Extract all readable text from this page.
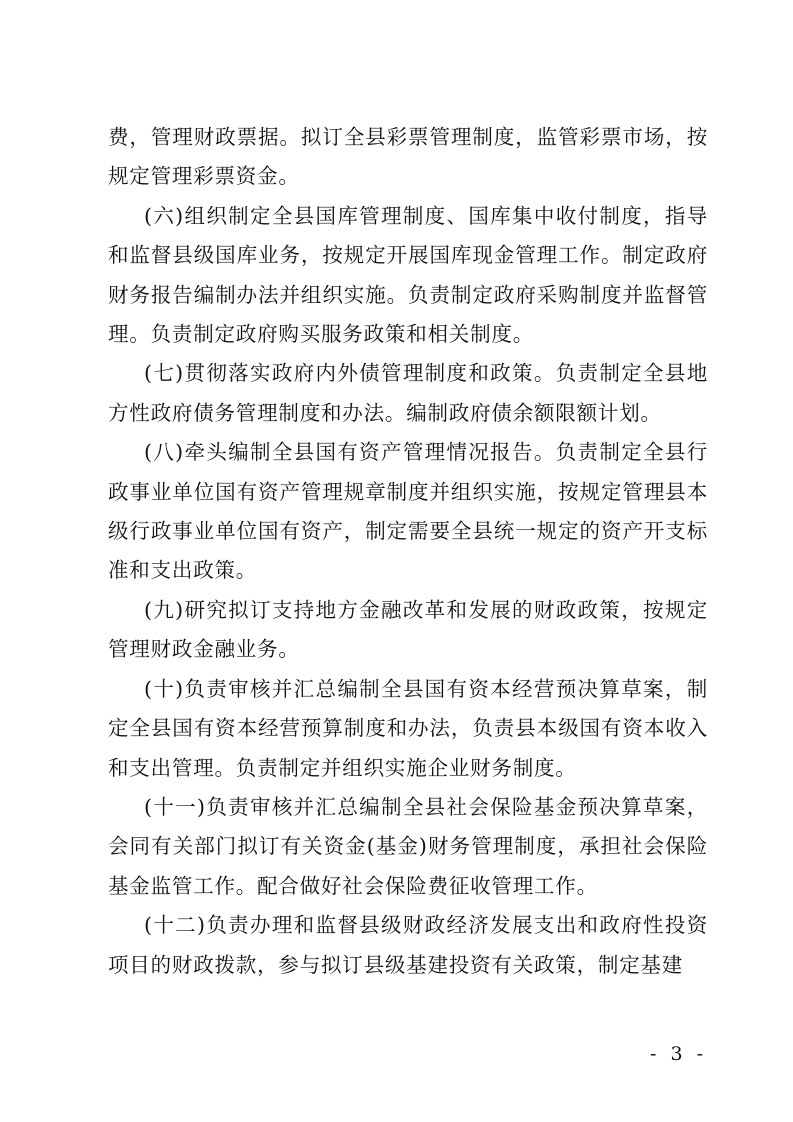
费，管理财政票据。拟订全县彩票管理制度，监管彩票市场，按规定管理彩票资金。

(六)组织制定全县国库管理制度、国库集中收付制度，指导和监督县级国库业务，按规定开展国库现金管理工作。制定政府财务报告编制办法并组织实施。负责制定政府采购制度并监督管理。负责制定政府购买服务政策和相关制度。

(七)贯彻落实政府内外债管理制度和政策。负责制定全县地方性政府债务管理制度和办法。编制政府债余额限额计划。

(八)牵头编制全县国有资产管理情况报告。负责制定全县行政事业单位国有资产管理规章制度并组织实施，按规定管理县本级行政事业单位国有资产，制定需要全县统一规定的资产开支标准和支出政策。

(九)研究拟订支持地方金融改革和发展的财政政策，按规定管理财政金融业务。

(十)负责审核并汇总编制全县国有资本经营预决算草案，制定全县国有资本经营预算制度和办法，负责县本级国有资本收入和支出管理。负责制定并组织实施企业财务制度。

(十一)负责审核并汇总编制全县社会保险基金预决算草案，会同有关部门拟订有关资金(基金)财务管理制度，承担社会保险基金监管工作。配合做好社会保险费征收管理工作。

(十二)负责办理和监督县级财政经济发展支出和政府性投资项目的财政拨款，参与拟订县级基建投资有关政策，制定基建

- 3 -
